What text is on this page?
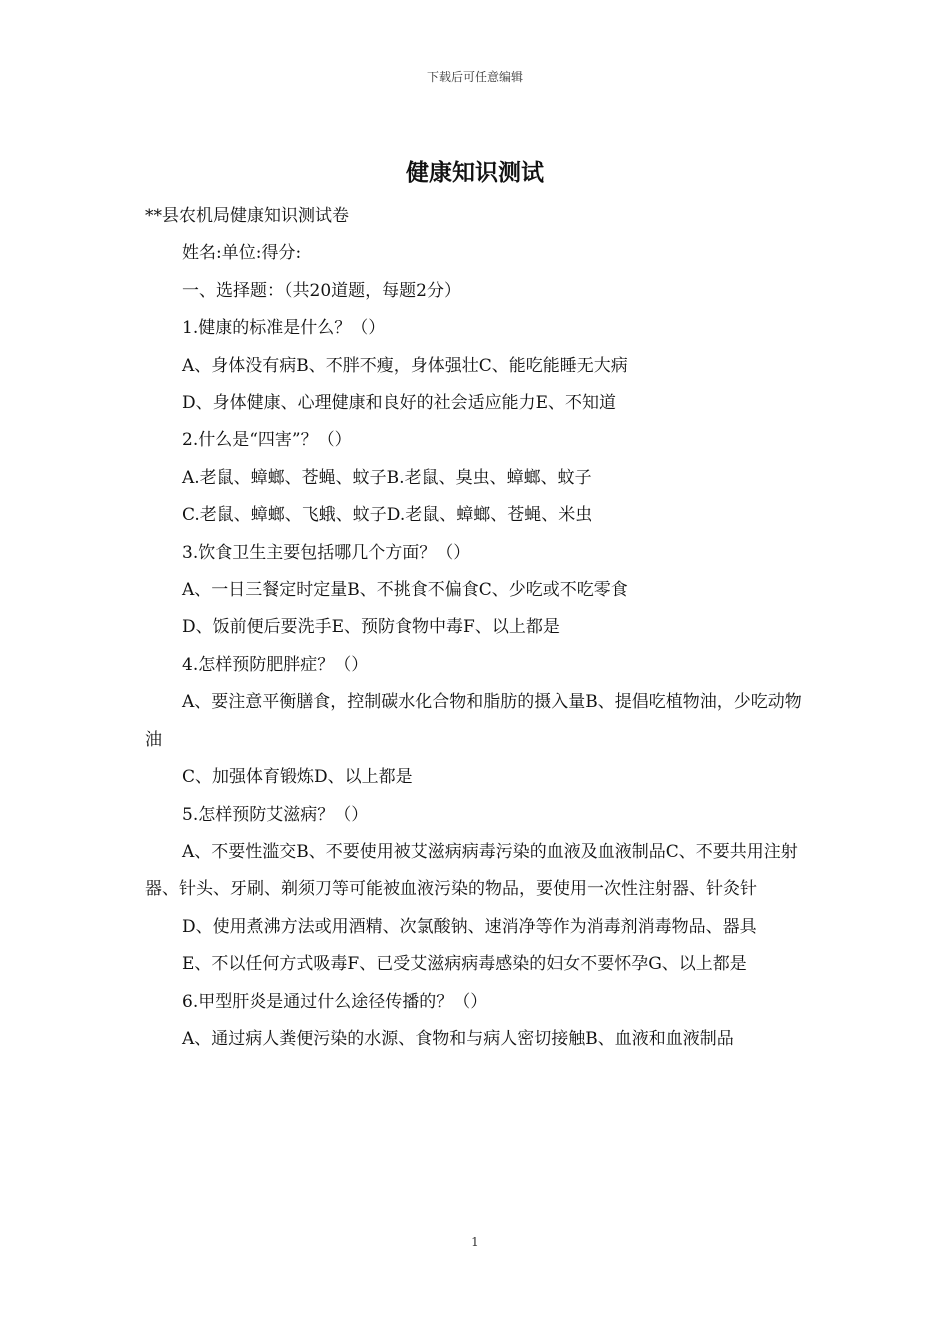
下载后可任意编辑
健康知识测试

**县农机局健康知识测试卷

姓名:单位:得分:

一、选择题：（共20道题，每题2分）

1.健康的标准是什么？（）

A、身体没有病B、不胖不瘦，身体强壮C、能吃能睡无大病

D、身体健康、心理健康和良好的社会适应能力E、不知道

2.什么是“四害”？（）

A.老鼠、蟑螂、苍蝇、蚊子B.老鼠、臭虫、蟑螂、蚊子

C.老鼠、蟑螂、飞蛾、蚊子D.老鼠、蟑螂、苍蝇、米虫

3.饮食卫生主要包括哪几个方面？（）

A、一日三餐定时定量B、不挑食不偏食C、少吃或不吃零食

D、饭前便后要洗手E、预防食物中毒F、以上都是

4.怎样预防肥胖症？（）

A、要注意平衡膳食，控制碳水化合物和脂肪的摄入量B、提倡吃植物油，少吃动物油

C、加强体育锻炼D、以上都是

5.怎样预防艾滋病？（）

A、不要性滥交B、不要使用被艾滋病病毒污染的血液及血液制品C、不要共用注射器、针头、牙刷、剃须刀等可能被血液污染的物品，要使用一次性注射器、针灸针

D、使用煮沸方法或用酒精、次氯酸钠、速消净等作为消毒剂消毒物品、器具

E、不以任何方式吸毒F、已受艾滋病病毒感染的妇女不要怀孕G、以上都是

6.甲型肝炎是通过什么途径传播的？（）

A、通过病人粪便污染的水源、食物和与病人密切接触B、血液和血液制品

1
